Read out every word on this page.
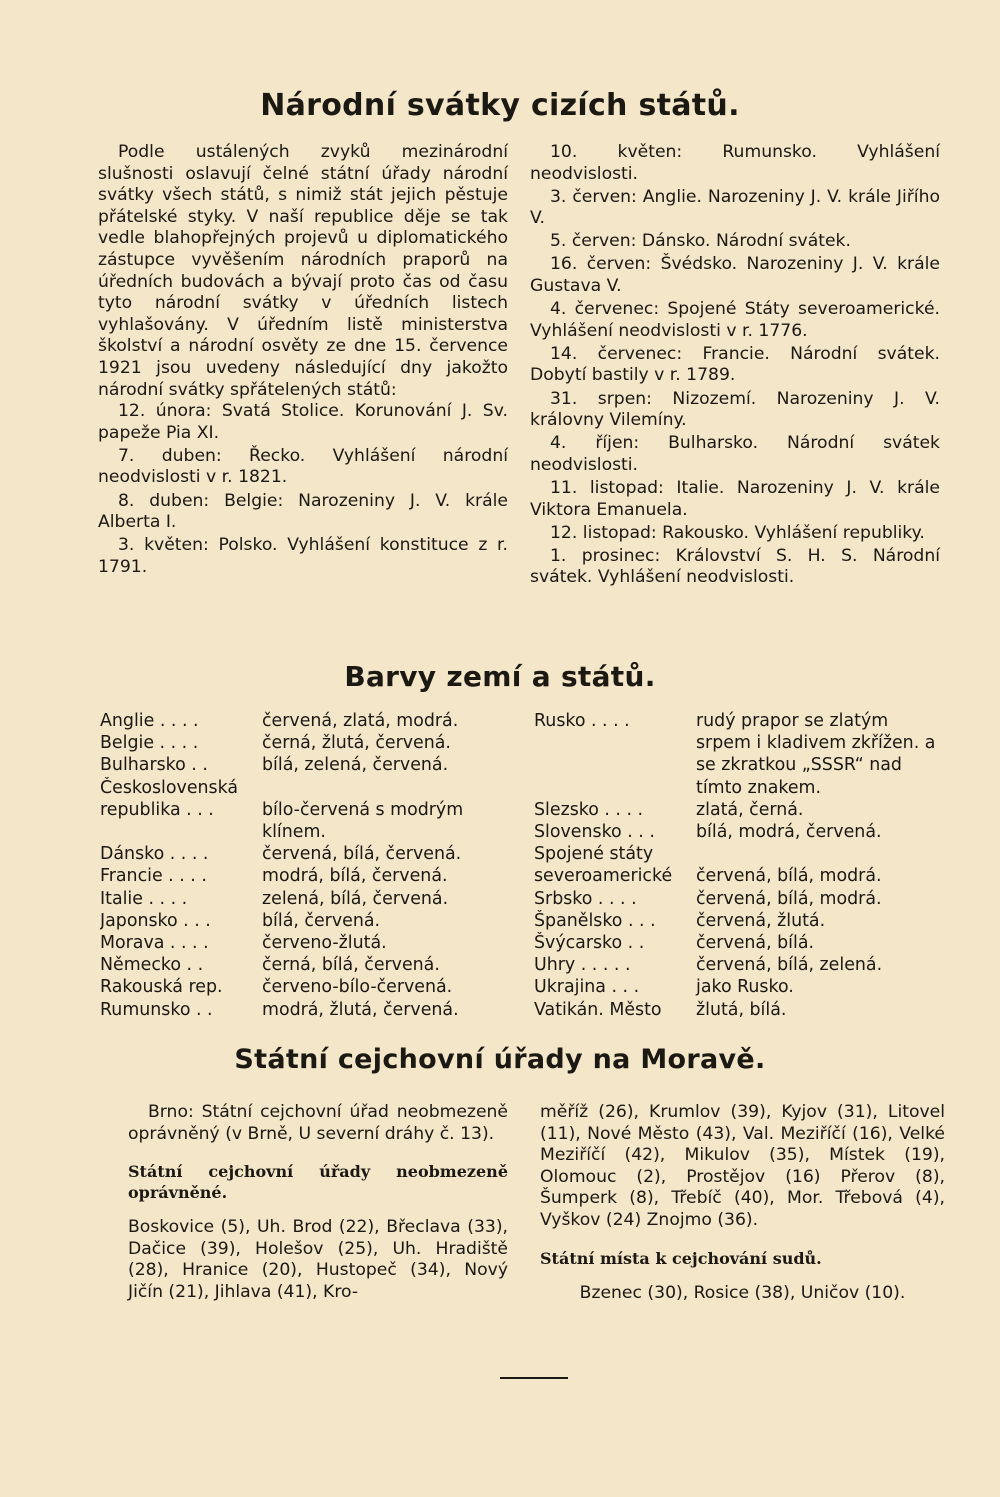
Národní svátky cizích států.

Podle ustálených zvyků mezinárodní slušnosti oslavují čelné státní úřady národní svátky všech států, s nimiž stát jejich pěstuje přátelské styky. V naší republice děje se tak vedle blahopřejných projevů u diplomatického zástupce vyvěšením národních praporů na úředních budovách a bývají proto čas od času tyto národní svátky v úředních listech vyhlašovány. V úředním listě ministerstva školství a národní osvěty ze dne 15. července 1921 jsou uvedeny následující dny jakožto národní svátky spřátelených států:

12. února: Svatá Stolice. Korunování J. Sv. papeže Pia XI.

7. duben: Řecko. Vyhlášení národní neodvislosti v r. 1821.

8. duben: Belgie: Narozeniny J. V. krále Alberta I.

3. květen: Polsko. Vyhlášení konstituce z r. 1791.

10. květen: Rumunsko. Vyhlášení neodvislosti.

3. červen: Anglie. Narozeniny J. V. krále Jiřího V.

5. červen: Dánsko. Národní svátek.

16. červen: Švédsko. Narozeniny J. V. krále Gustava V.

4. červenec: Spojené Státy severoamerické. Vyhlášení neodvislosti v r. 1776.

14. červenec: Francie. Národní svátek. Dobytí bastily v r. 1789.

31. srpen: Nizozemí. Narozeniny J. V. královny Vilemíny.

4. říjen: Bulharsko. Národní svátek neodvislosti.

11. listopad: Italie. Narozeniny J. V. krále Viktora Emanuela.

12. listopad: Rakousko. Vyhlášení republiky.

1. prosinec: Království S. H. S. Národní svátek. Vyhlášení neodvislosti.

Barvy zemí a států.
Anglie . . . .	červená, zlatá, modrá.
Belgie . . . .	černá, žlutá, červená.
Bulharsko . .	bílá, zelená, červená.
Československá
republika . . .	bílo-červená s modrým klínem.
Dánsko . . . .	červená, bílá, červená.
Francie . . . .	modrá, bílá, červená.
Italie . . . .	zelená, bílá, červená.
Japonsko . . .	bílá, červená.
Morava . . . .	červeno-žlutá.
Německo . .	černá, bílá, červená.
Rakouská rep.	červeno-bílo-červená.
Rumunsko . .	modrá, žlutá, červená.
Rusko . . . .	rudý prapor se zlatým srpem i kladivem zkřížen. a se zkratkou „SSSR“ nad tímto znakem.
Slezsko . . . .	zlatá, černá.
Slovensko . . .	bílá, modrá, červená.
Spojené státy
severoamerické	červená, bílá, modrá.
Srbsko . . . .	červená, bílá, modrá.
Španělsko . . .	červená, žlutá.
Švýcarsko . .	červená, bílá.
Uhry . . . . .	červená, bílá, zelená.
Ukrajina . . .	jako Rusko.
Vatikán. Město	žlutá, bílá.
Státní cejchovní úřady na Moravě.

Brno: Státní cejchovní úřad neobmezeně oprávněný (v Brně, U severní dráhy č. 13).

Státní cejchovní úřady neobmezeně oprávněné.

Boskovice (5), Uh. Brod (22), Břeclava (33), Dačice (39), Holešov (25), Uh. Hradiště (28), Hranice (20), Hustopeč (34), Nový Jičín (21), Jihlava (41), Kro-

měříž (26), Krumlov (39), Kyjov (31), Litovel (11), Nové Město (43), Val. Meziříčí (16), Velké Meziříčí (42), Mikulov (35), Místek (19), Olomouc (2), Prostějov (16) Přerov (8), Šumperk (8), Třebíč (40), Mor. Třebová (4), Vyškov (24) Znojmo (36).

Státní místa k cejchování sudů.

Bzenec (30), Rosice (38), Uničov (10).
